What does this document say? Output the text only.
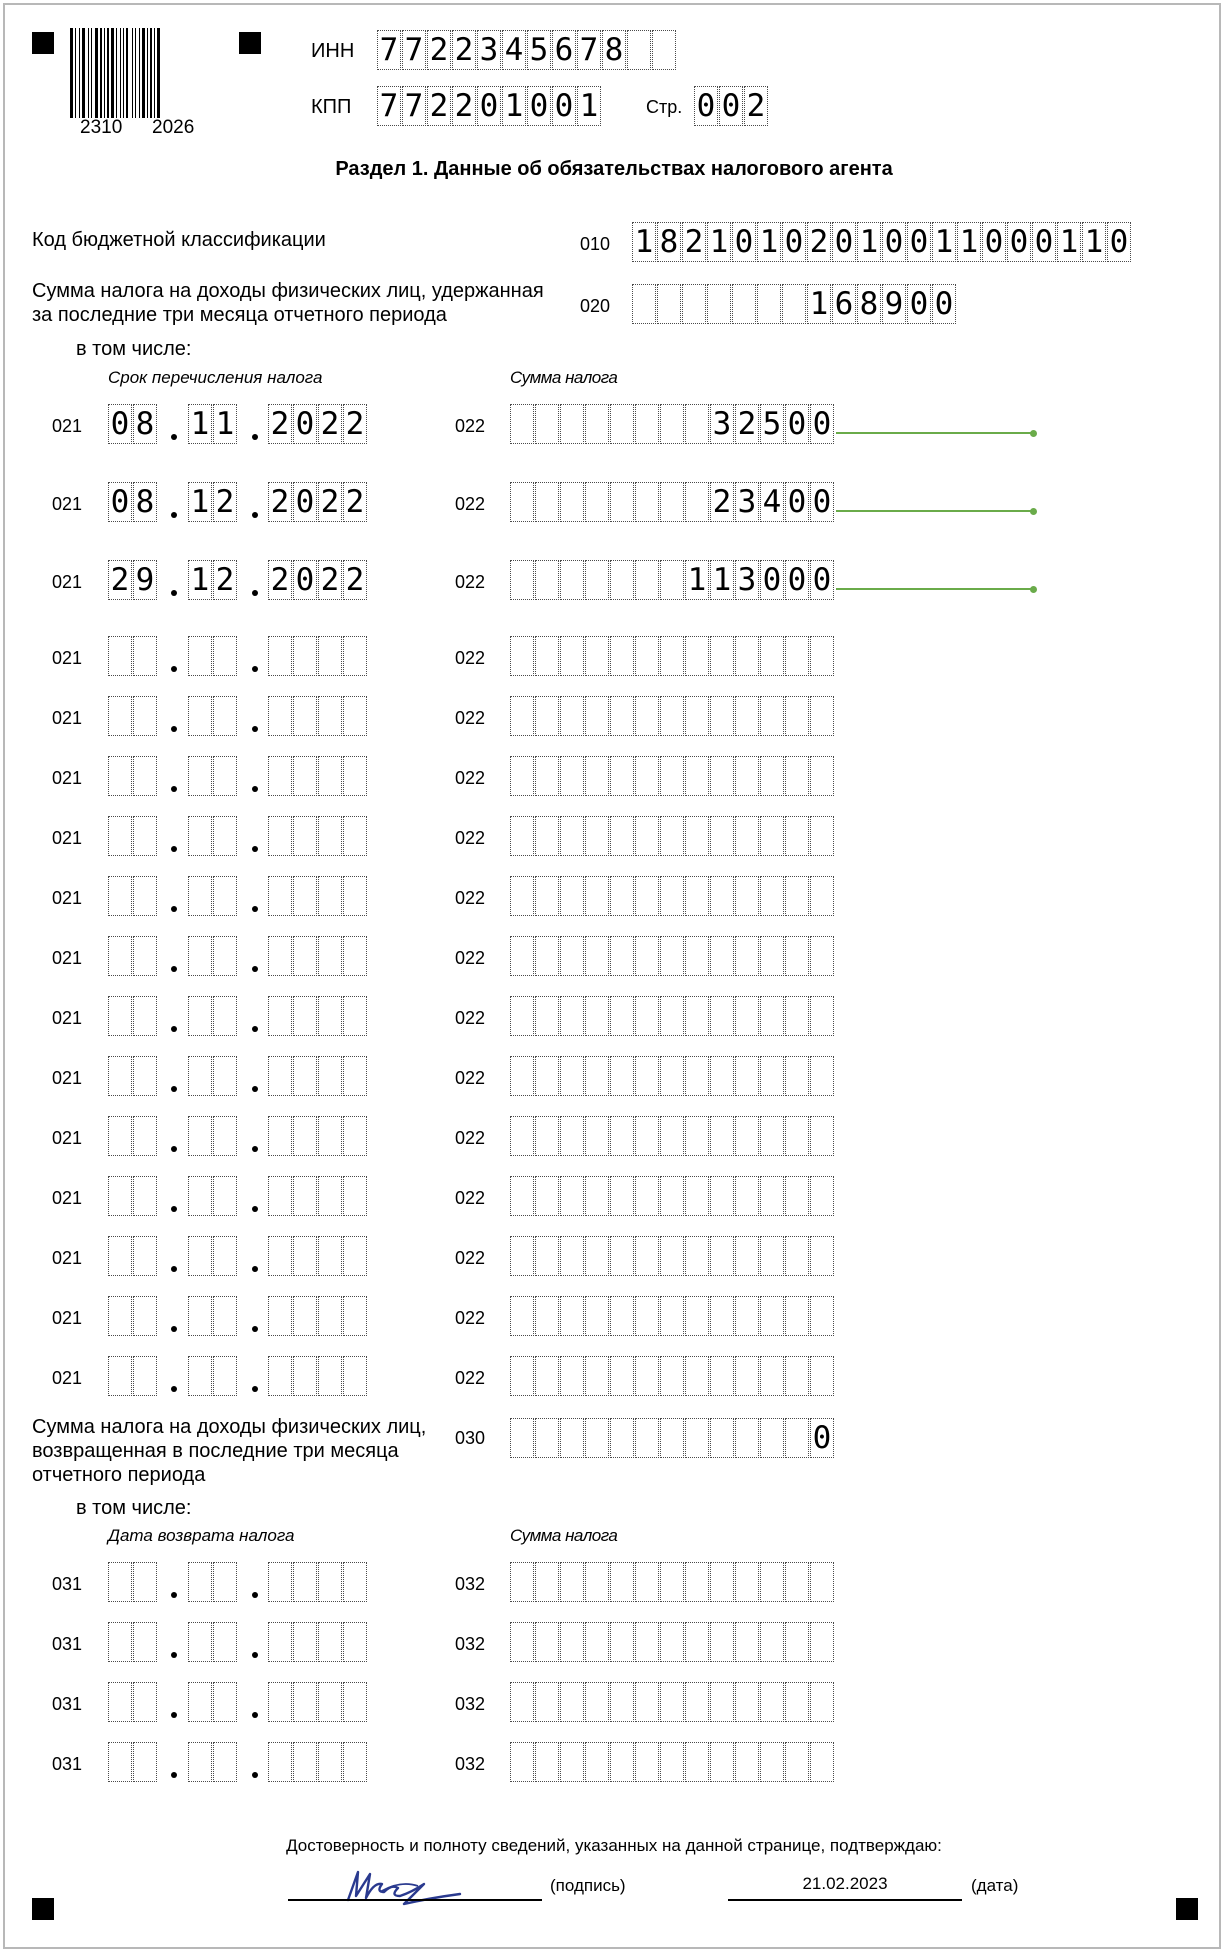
2310 2026
ИНН 7 7 2 2 3 4 5 6 7 8
КПП 7 7 2 2 0 1 0 0 1	Стр. 0 0 2
Раздел 1. Данные об обязательствах налогового агента
Код бюджетной классификации	010 1 8 2 1 0 1 0 2 0 1 0 0 1 1 0 0 0 1 1 0
Сумма налога на доходы физических лиц, удержанная
за последние три месяца отчетного периода	020	1 6 8 9 0 0
в том числе:
Срок перечисления налога	Сумма налога
021 0 8 1 1 2 0 2 2	022	3 2 5 0 0
021 0 8 1 2 2 0 2 2	022	2 3 4 0 0
021 2 9 1 2 2 0 2 2	022	1 1 3 0 0 0
021	022
021	022
021	022
021	022
021	022
021	022
021	022
021	022
021	022
021	022
021	022
021	022
021	022
Сумма налога на доходы физических лиц,
возвращенная в последние три месяца
отчетного периода
030	0
в том числе:
Дата возврата налога	Сумма налога
031	032
031	032
031	032
031	032
Достоверность и полноту сведений, указанных на данной странице, подтверждаю:
(подпись)	21.02.2023	(дата)
